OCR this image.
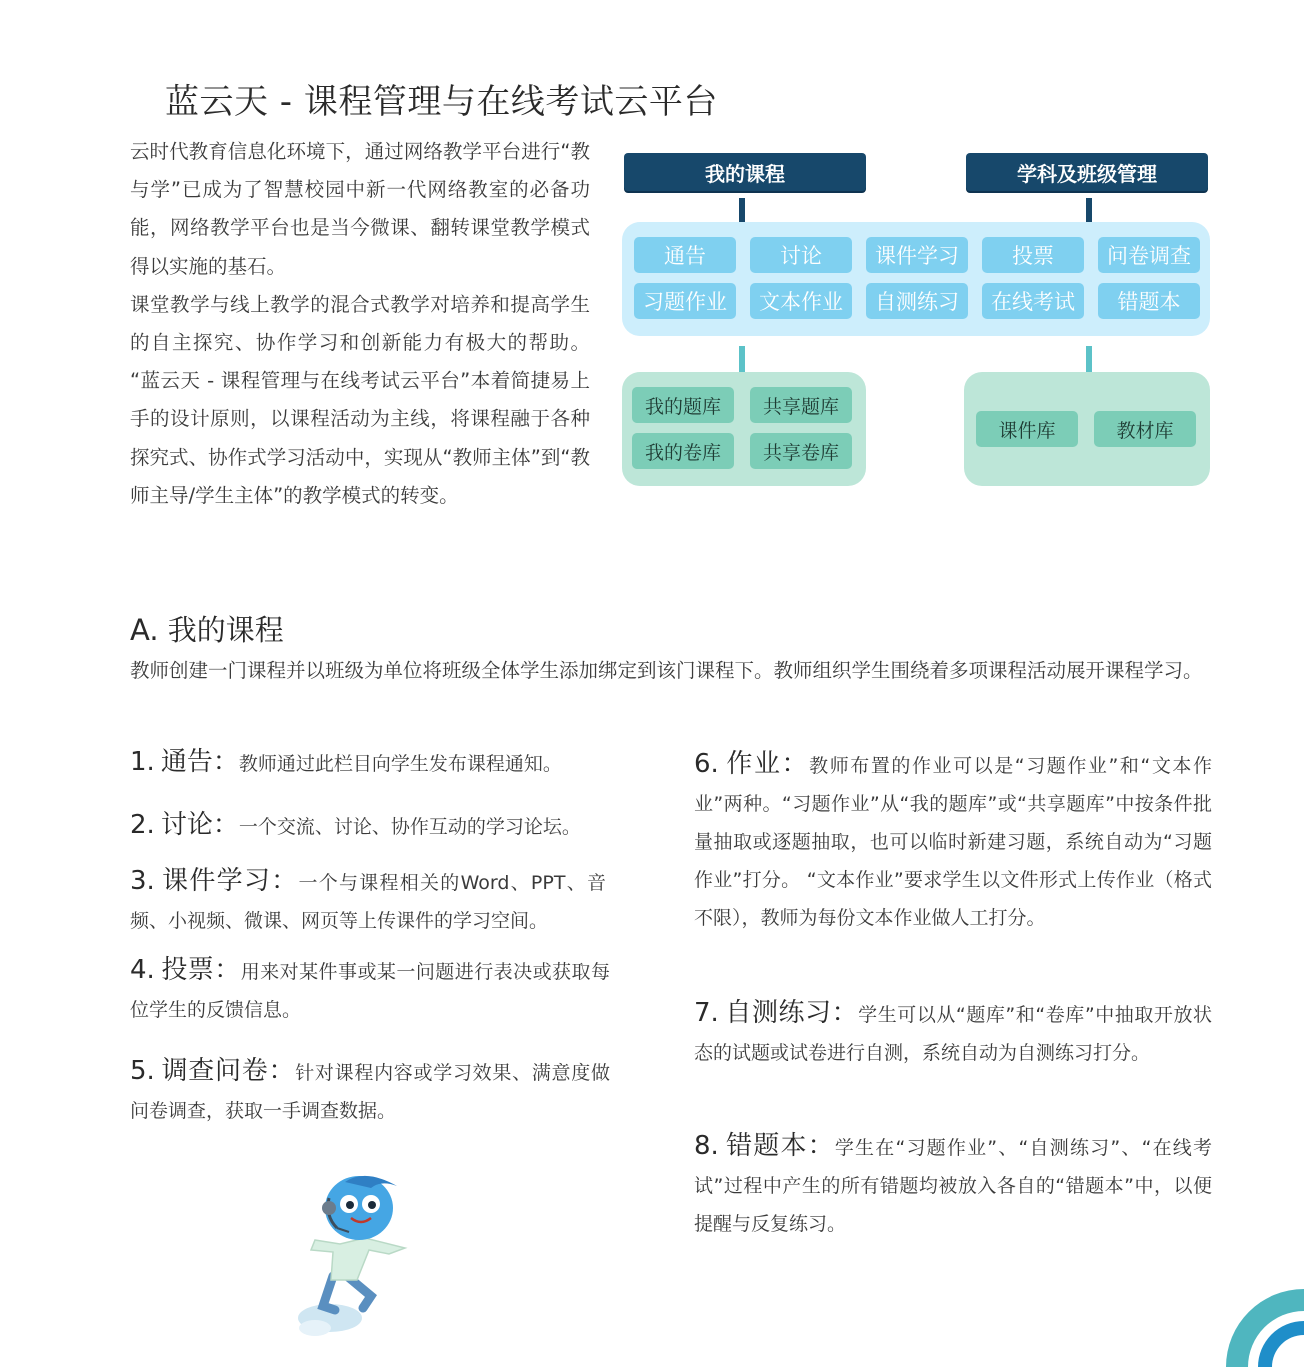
蓝云天 - 课程管理与在线考试云平台

云时代教育信息化环境下，通过网络教学平台进行“教与学”已成为了智慧校园中新一代网络教室的必备功能，网络教学平台也是当今微课、翻转课堂教学模式得以实施的基石。

课堂教学与线上教学的混合式教学对培养和提高学生的自主探究、协作学习和创新能力有极大的帮助。 “蓝云天 - 课程管理与在线考试云平台”本着简捷易上手的设计原则，以课程活动为主线，将课程融于各种探究式、协作式学习活动中，实现从“教师主体”到“教师主导/学生主体”的教学模式的转变。

我的课程	学科及班级管理
通告	讨论	课件学习	投票	问卷调查
习题作业	文本作业	自测练习	在线考试	错题本
我的题库	共享题库
我的卷库	共享卷库
课件库	教材库
A. 我的课程

教师创建一门课程并以班级为单位将班级全体学生添加绑定到该门课程下。教师组织学生围绕着多项课程活动展开课程学习。

1. 通告：教师通过此栏目向学生发布课程通知。

2. 讨论：一个交流、讨论、协作互动的学习论坛。

3. 课件学习：一个与课程相关的Word、PPT、音频、小视频、微课、网页等上传课件的学习空间。

4. 投票：用来对某件事或某一问题进行表决或获取每位学生的反馈信息。

5. 调查问卷：针对课程内容或学习效果、满意度做问卷调查，获取一手调查数据。

6. 作业：教师布置的作业可以是“习题作业”和“文本作业”两种。“习题作业”从“我的题库”或“共享题库”中按条件批量抽取或逐题抽取，也可以临时新建习题，系统自动为“习题作业”打分。 “文本作业”要求学生以文件形式上传作业（格式不限），教师为每份文本作业做人工打分。

7. 自测练习：学生可以从“题库”和“卷库”中抽取开放状态的试题或试卷进行自测，系统自动为自测练习打分。

8. 错题本：学生在“习题作业”、“自测练习”、“在线考试”过程中产生的所有错题均被放入各自的“错题本”中，以便提醒与反复练习。
